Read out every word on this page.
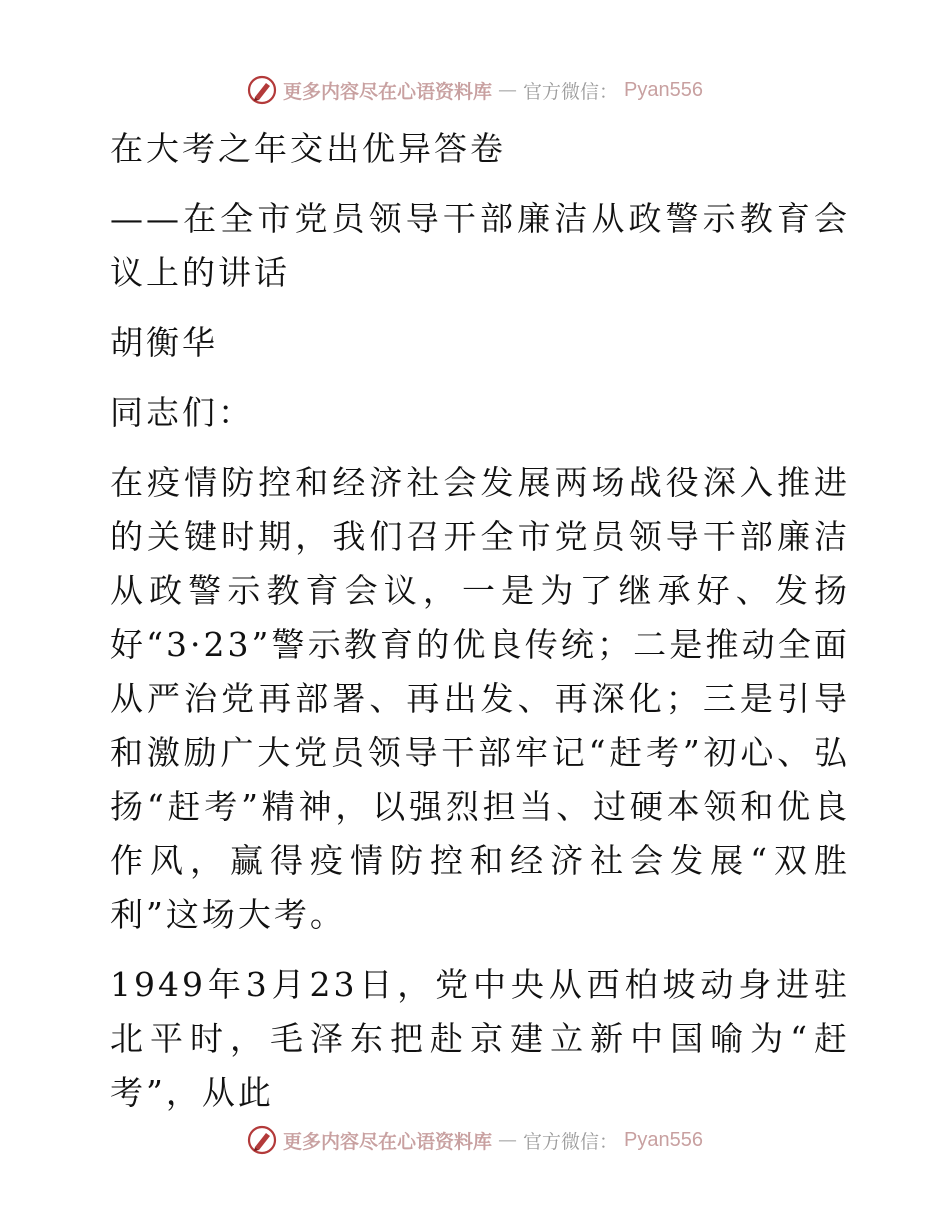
更多内容尽在心语资料库 — 官方微信： Pyan556

在大考之年交出优异答卷

——在全市党员领导干部廉洁从政警示教育会议上的讲话

胡衡华

同志们：

在疫情防控和经济社会发展两场战役深入推进的关键时期，我们召开全市党员领导干部廉洁从政警示教育会议，一是为了继承好、发扬好“3·23”警示教育的优良传统；二是推动全面从严治党再部署、再出发、再深化；三是引导和激励广大党员领导干部牢记“赶考”初心、弘扬“赶考”精神，以强烈担当、过硬本领和优良作风，赢得疫情防控和经济社会发展“双胜利”这场大考。

1949年3月23日，党中央从西柏坡动身进驻北平时，毛泽东把赴京建立新中国喻为“赶考”，从此

更多内容尽在心语资料库 — 官方微信： Pyan556
